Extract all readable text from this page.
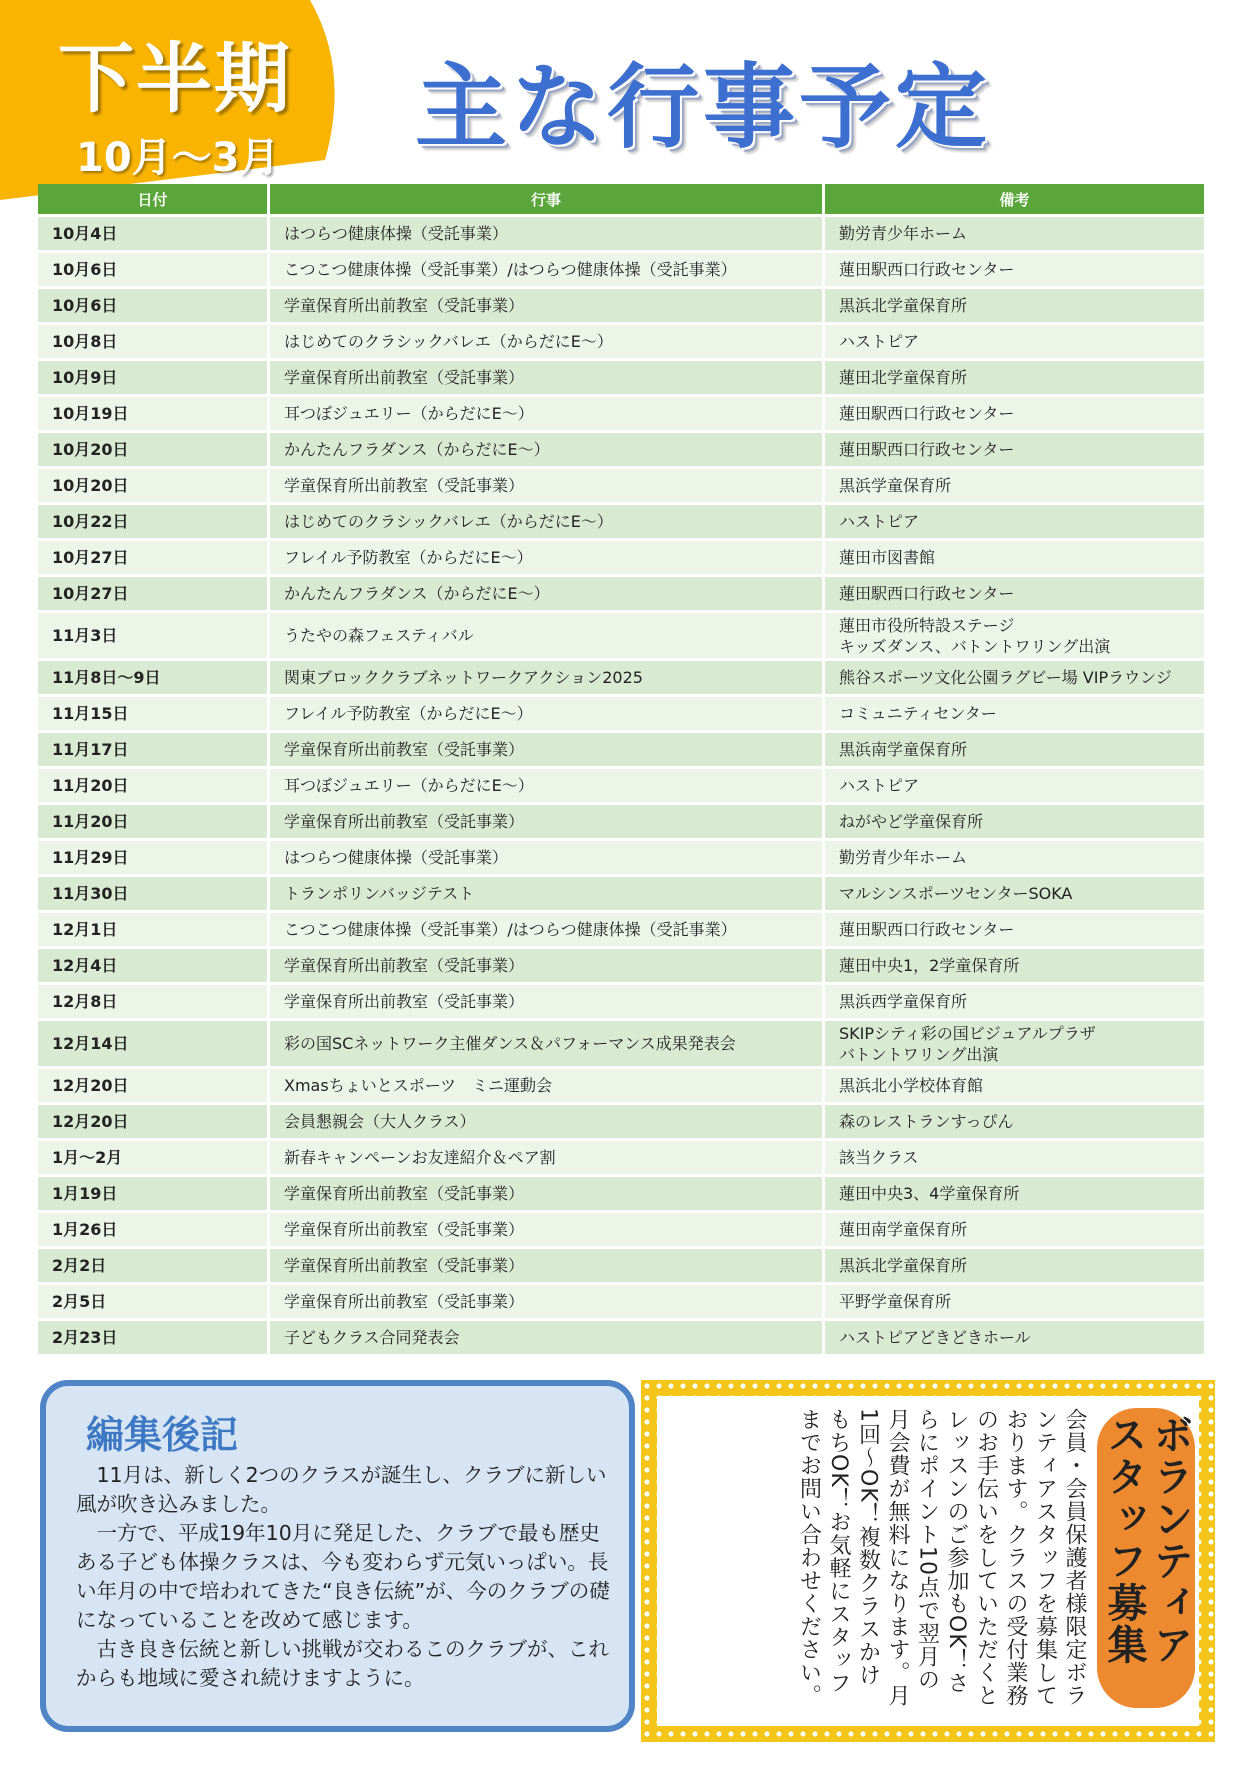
下半期
10月～3月 主な行事予定
日付	行事	備考
10月4日	はつらつ健康体操（受託事業）	勤労青少年ホーム
10月6日	こつこつ健康体操（受託事業）/はつらつ健康体操（受託事業）	蓮田駅西口行政センター
10月6日	学童保育所出前教室（受託事業）	黒浜北学童保育所
10月8日	はじめてのクラシックバレエ（からだにE～）	ハストピア
10月9日	学童保育所出前教室（受託事業）	蓮田北学童保育所
10月19日	耳つぼジュエリー（からだにE～）	蓮田駅西口行政センター
10月20日	かんたんフラダンス（からだにE～）	蓮田駅西口行政センター
10月20日	学童保育所出前教室（受託事業）	黒浜学童保育所
10月22日	はじめてのクラシックバレエ（からだにE～）	ハストピア
10月27日	フレイル予防教室（からだにE～）	蓮田市図書館
10月27日	かんたんフラダンス（からだにE～）	蓮田駅西口行政センター
11月3日	うたやの森フェスティバル	蓮田市役所特設ステージ
キッズダンス、バトントワリング出演
11月8日～9日	関東ブロッククラブネットワークアクション2025	熊谷スポーツ文化公園ラグビー場 VIPラウンジ
11月15日	フレイル予防教室（からだにE～）	コミュニティセンター
11月17日	学童保育所出前教室（受託事業）	黒浜南学童保育所
11月20日	耳つぼジュエリー（からだにE～）	ハストピア
11月20日	学童保育所出前教室（受託事業）	ねがやど学童保育所
11月29日	はつらつ健康体操（受託事業）	勤労青少年ホーム
11月30日	トランポリンバッジテスト	マルシンスポーツセンターSOKA
12月1日	こつこつ健康体操（受託事業）/はつらつ健康体操（受託事業）	蓮田駅西口行政センター
12月4日	学童保育所出前教室（受託事業）	蓮田中央1，2学童保育所
12月8日	学童保育所出前教室（受託事業）	黒浜西学童保育所
12月14日	彩の国SCネットワーク主催ダンス＆パフォーマンス成果発表会	SKIPシティ彩の国ビジュアルプラザ
バトントワリング出演
12月20日	Xmasちょいとスポーツ　ミニ運動会	黒浜北小学校体育館
12月20日	会員懇親会（大人クラス）	森のレストランすっぴん
1月～2月	新春キャンペーンお友達紹介＆ペア割	該当クラス
1月19日	学童保育所出前教室（受託事業）	蓮田中央3、4学童保育所
1月26日	学童保育所出前教室（受託事業）	蓮田南学童保育所
2月2日	学童保育所出前教室（受託事業）	黒浜北学童保育所
2月5日	学童保育所出前教室（受託事業）	平野学童保育所
2月23日	子どもクラス合同発表会	ハストピアどきどきホール
編集後記

11月は、新しく2つのクラスが誕生し、クラブに新しい風が吹き込みました。

一方で、平成19年10月に発足した、クラブで最も歴史ある子ども体操クラスは、今も変わらず元気いっぱい。長い年月の中で培われてきた“良き伝統”が、今のクラブの礎になっていることを改めて感じます。

古き良き伝統と新しい挑戦が交わるこのクラブが、これからも地域に愛され続けますように。	会員・会員保護者様限定ボランティアスタッフを募集しております。クラスの受付業務のお手伝いをしていただくとレッスンのご参加もOK！さらにポイント10点で翌月の月会費が無料になります。月1回～OK！複数クラスかけもちOK！お気軽にスタッフまでお問い合わせください。	ボランティアスタッフ募集
